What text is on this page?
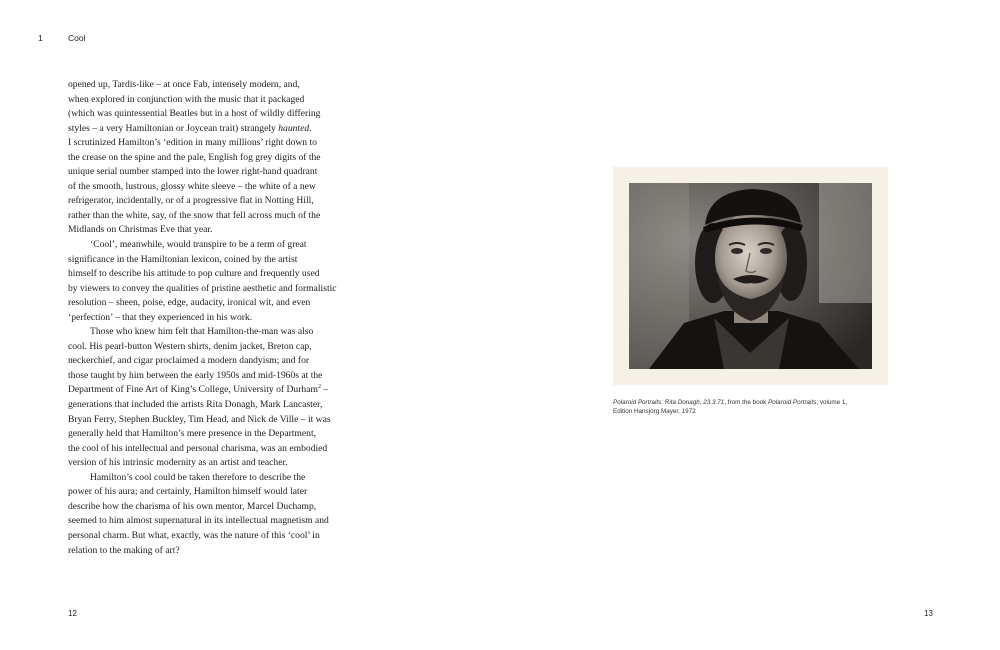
1	Cool
opened up, Tardis-like – at once Fab, intensely modern, and,
when explored in conjunction with the music that it packaged
(which was quintessential Beatles but in a host of wildly differing
styles – a very Hamiltonian or Joycean trait) strangely haunted.
I scrutinized Hamilton’s ‘edition in many millions’ right down to
the crease on the spine and the pale, English fog grey digits of the
unique serial number stamped into the lower right-hand quadrant
of the smooth, lustrous, glossy white sleeve – the white of a new
refrigerator, incidentally, or of a progressive flat in Notting Hill,
rather than the white, say, of the snow that fell across much of the
Midlands on Christmas Eve that year.
‘Cool’, meanwhile, would transpire to be a term of great
significance in the Hamiltonian lexicon, coined by the artist
himself to describe his attitude to pop culture and frequently used
by viewers to convey the qualities of pristine aesthetic and formalistic
resolution – sheen, poise, edge, audacity, ironical wit, and even
‘perfection’ – that they experienced in his work.
Those who knew him felt that Hamilton-the-man was also
cool. His pearl-button Western shirts, denim jacket, Breton cap,
neckerchief, and cigar proclaimed a modern dandyism; and for
those taught by him between the early 1950s and mid-1960s at the
Department of Fine Art of King’s College, University of Durham$^2$ –
generations that included the artists Rita Donagh, Mark Lancaster,
Bryan Ferry, Stephen Buckley, Tim Head, and Nick de Ville – it was
generally held that Hamilton’s mere presence in the Department,
the cool of his intellectual and personal charisma, was an embodied
version of his intrinsic modernity as an artist and teacher.
Hamilton’s cool could be taken therefore to describe the
power of his aura; and certainly, Hamilton himself would later
describe how the charisma of his own mentor, Marcel Duchamp,
seemed to him almost supernatural in its intellectual magnetism and
personal charm. But what, exactly, was the nature of this ‘cool’ in
relation to the making of art?
Polaroid Portraits: Rita Donagh, 23.3.71, from the book Polaroid Portraits, volume 1,
Edition Hansjorg Mayer, 1972
12	13
